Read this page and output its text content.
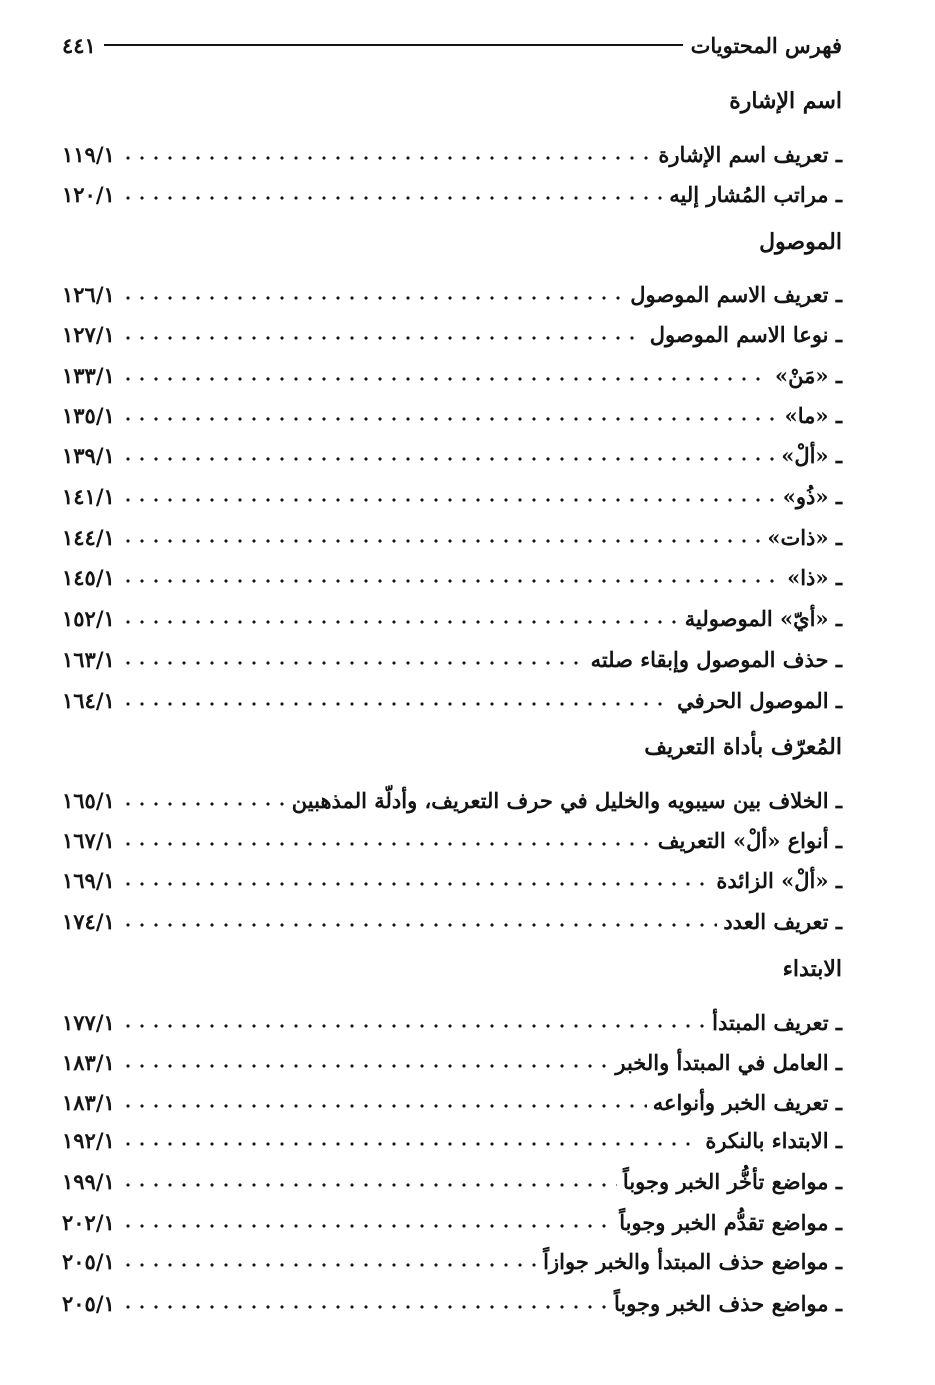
فهرس المحتويات
٤٤١
اسم الإشارة
ـ تعريف اسم الإشارة
١١٩/١
ـ مراتب المُشار إليه
١٢٠/١
الموصول
ـ تعريف الاسم الموصول
١٢٦/١
ـ نوعا الاسم الموصول
١٢٧/١
ـ «مَنْ»
١٣٣/١
ـ «ما»
١٣٥/١
ـ «ألْ»
١٣٩/١
ـ «ذُو»
١٤١/١
ـ «ذات»
١٤٤/١
ـ «ذا»
١٤٥/١
ـ «أيّ» الموصولية
١٥٢/١
ـ حذف الموصول وإبقاء صلته
١٦٣/١
ـ الموصول الحرفي
١٦٤/١
المُعرّف بأداة التعريف
ـ الخلاف بين سيبويه والخليل في حرف التعريف، وأدلّة المذهبين
١٦٥/١
ـ أنواع «ألْ» التعريف
١٦٧/١
ـ «ألْ» الزائدة
١٦٩/١
ـ تعريف العدد
١٧٤/١
الابتداء
ـ تعريف المبتدأ
١٧٧/١
ـ العامل في المبتدأ والخبر
١٨٣/١
ـ تعريف الخبر وأنواعه
١٨٣/١
ـ الابتداء بالنكرة
١٩٢/١
ـ مواضع تأخُّر الخبر وجوباً
١٩٩/١
ـ مواضع تقدُّم الخبر وجوباً
٢٠٢/١
ـ مواضع حذف المبتدأ والخبر جوازاً
٢٠٥/١
ـ مواضع حذف الخبر وجوباً
٢٠٥/١
